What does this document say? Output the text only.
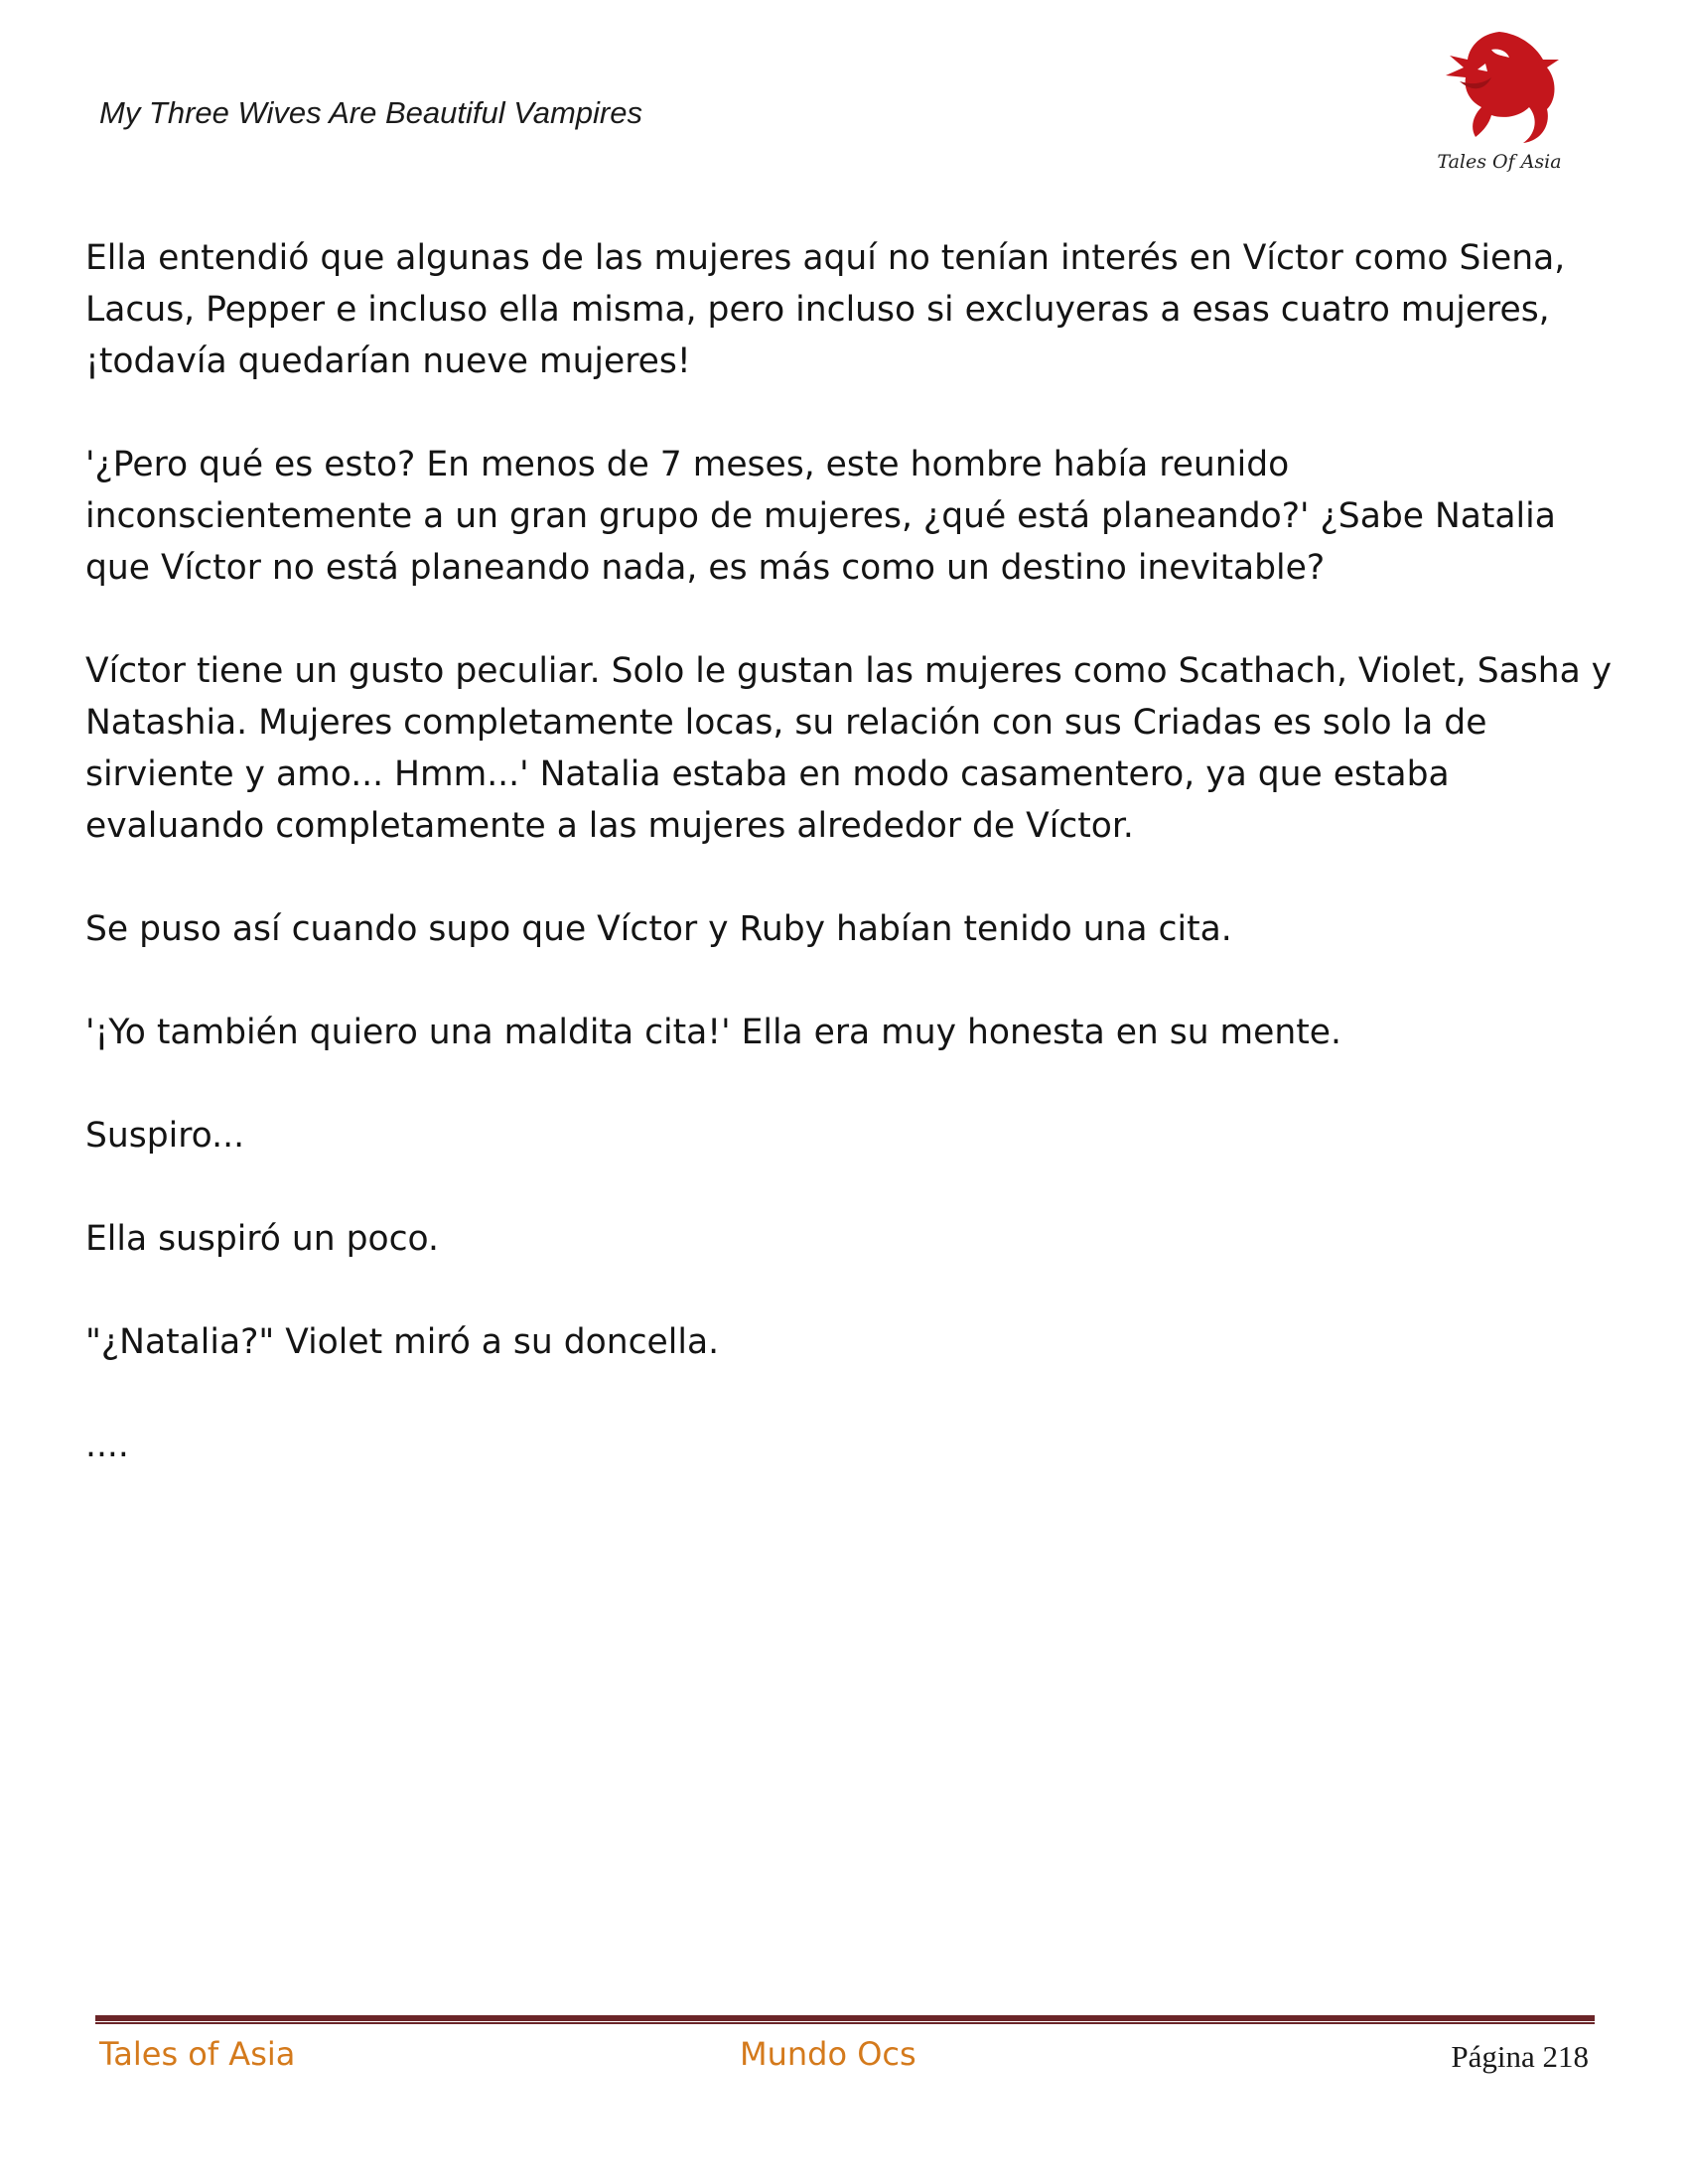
My Three Wives Are Beautiful Vampires
Tales Of Asia

Ella entendió que algunas de las mujeres aquí no tenían interés en Víctor como Siena, Lacus, Pepper e incluso ella misma, pero incluso si excluyeras a esas cuatro mujeres, ¡todavía quedarían nueve mujeres!

'¿Pero qué es esto? En menos de 7 meses, este hombre había reunido inconscientemente a un gran grupo de mujeres, ¿qué está planeando?' ¿Sabe Natalia que Víctor no está planeando nada, es más como un destino inevitable?

Víctor tiene un gusto peculiar. Solo le gustan las mujeres como Scathach, Violet, Sasha y Natashia. Mujeres completamente locas, su relación con sus Criadas es solo la de sirviente y amo... Hmm...' Natalia estaba en modo casamentero, ya que estaba evaluando completamente a las mujeres alrededor de Víctor.

Se puso así cuando supo que Víctor y Ruby habían tenido una cita.

'¡Yo también quiero una maldita cita!' Ella era muy honesta en su mente.

Suspiro...

Ella suspiró un poco.

"¿Natalia?" Violet miró a su doncella.

....

Tales of Asia	Mundo Ocs	Página 218
